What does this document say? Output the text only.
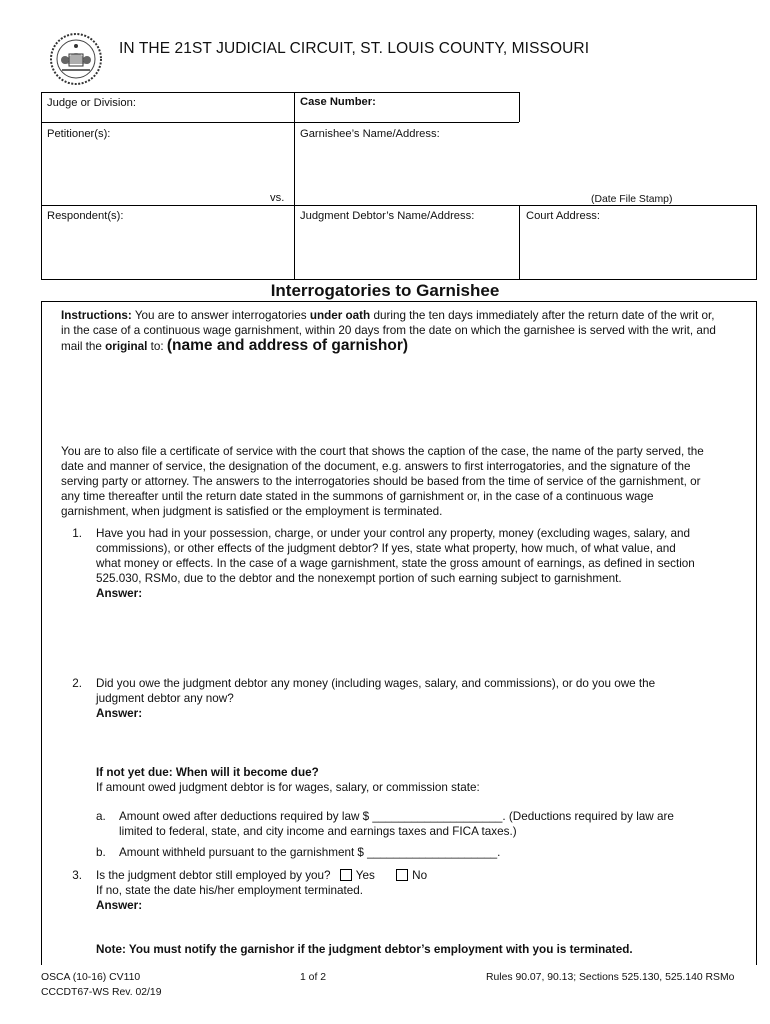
IN THE 21ST JUDICIAL CIRCUIT, ST. LOUIS COUNTY, MISSOURI
Judge or Division:	Case Number:
Petitioner(s):	Garnishee’s Name/Address:
vs.	(Date File Stamp)
Respondent(s):	Judgment Debtor’s Name/Address:	Court Address:
Interrogatories to Garnishee
Instructions: You are to answer interrogatories under oath during the ten days immediately after the return date of the writ or, in the case of a continuous wage garnishment, within 20 days from the date on which the garnishee is served with the writ, and mail the original to: (name and address of garnishor)
You are to also file a certificate of service with the court that shows the caption of the case, the name of the party served, the date and manner of service, the designation of the document, e.g. answers to first interrogatories, and the signature of the serving party or attorney. The answers to the interrogatories should be based from the time of service of the garnishment, or any time thereafter until the return date stated in the summons of garnishment or, in the case of a continuous wage garnishment, when judgment is satisfied or the employment is terminated.
1. Have you had in your possession, charge, or under your control any property, money (excluding wages, salary, and commissions), or other effects of the judgment debtor? If yes, state what property, how much, of what value, and what money or effects. In the case of a wage garnishment, state the gross amount of earnings, as defined in section 525.030, RSMo, due to the debtor and the nonexempt portion of such earning subject to garnishment.
Answer:
2. Did you owe the judgment debtor any money (including wages, salary, and commissions), or do you owe the judgment debtor any now?
Answer:
If not yet due: When will it become due?
If amount owed judgment debtor is for wages, salary, or commission state:
a. Amount owed after deductions required by law $ ____________________. (Deductions required by law are limited to federal, state, and city income and earnings taxes and FICA taxes.)
b. Amount withheld pursuant to the garnishment $ ____________________.
3. Is the judgment debtor still employed by you? Yes	No
If no, state the date his/her employment terminated.
Answer:
Note: You must notify the garnishor if the judgment debtor’s employment with you is terminated.
OSCA (10-16) CV110
CCCDT67-WS Rev. 02/19
1 of 2	Rules 90.07, 90.13; Sections 525.130, 525.140 RSMo
